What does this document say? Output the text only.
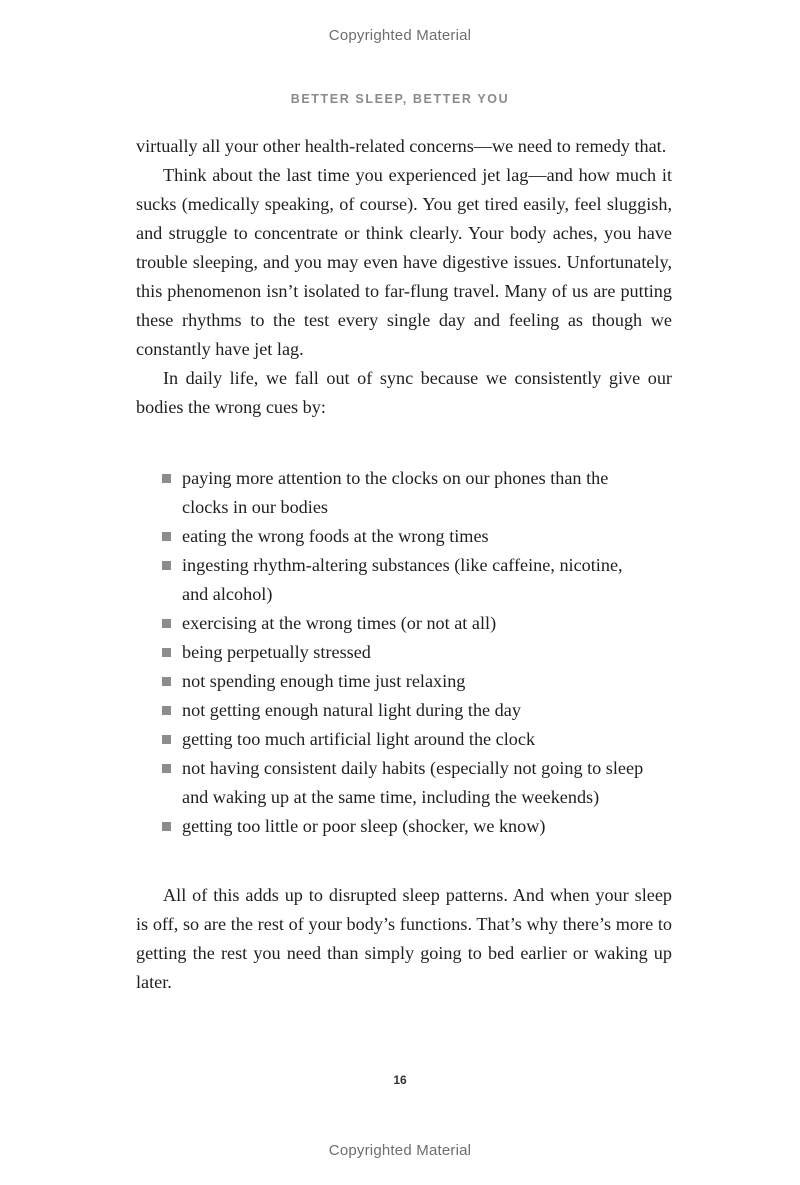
Copyrighted Material
BETTER SLEEP, BETTER YOU

virtually all your other health-related concerns—we need to remedy that.

Think about the last time you experienced jet lag—and how much it sucks (medically speaking, of course). You get tired easily, feel sluggish, and struggle to concentrate or think clearly. Your body aches, you have trouble sleeping, and you may even have digestive issues. Unfortunately, this phenomenon isn’t isolated to far-flung travel. Many of us are putting these rhythms to the test every single day and feeling as though we constantly have jet lag.

In daily life, we fall out of sync because we consistently give our bodies the wrong cues by:

paying more attention to the clocks on our phones than the clocks in our bodies
eating the wrong foods at the wrong times
ingesting rhythm-altering substances (like caffeine, nicotine, and alcohol)
exercising at the wrong times (or not at all)
being perpetually stressed
not spending enough time just relaxing
not getting enough natural light during the day
getting too much artificial light around the clock
not having consistent daily habits (especially not going to sleep and waking up at the same time, including the weekends)
getting too little or poor sleep (shocker, we know)

All of this adds up to disrupted sleep patterns. And when your sleep is off, so are the rest of your body’s functions. That’s why there’s more to getting the rest you need than simply going to bed earlier or waking up later.

16
Copyrighted Material
